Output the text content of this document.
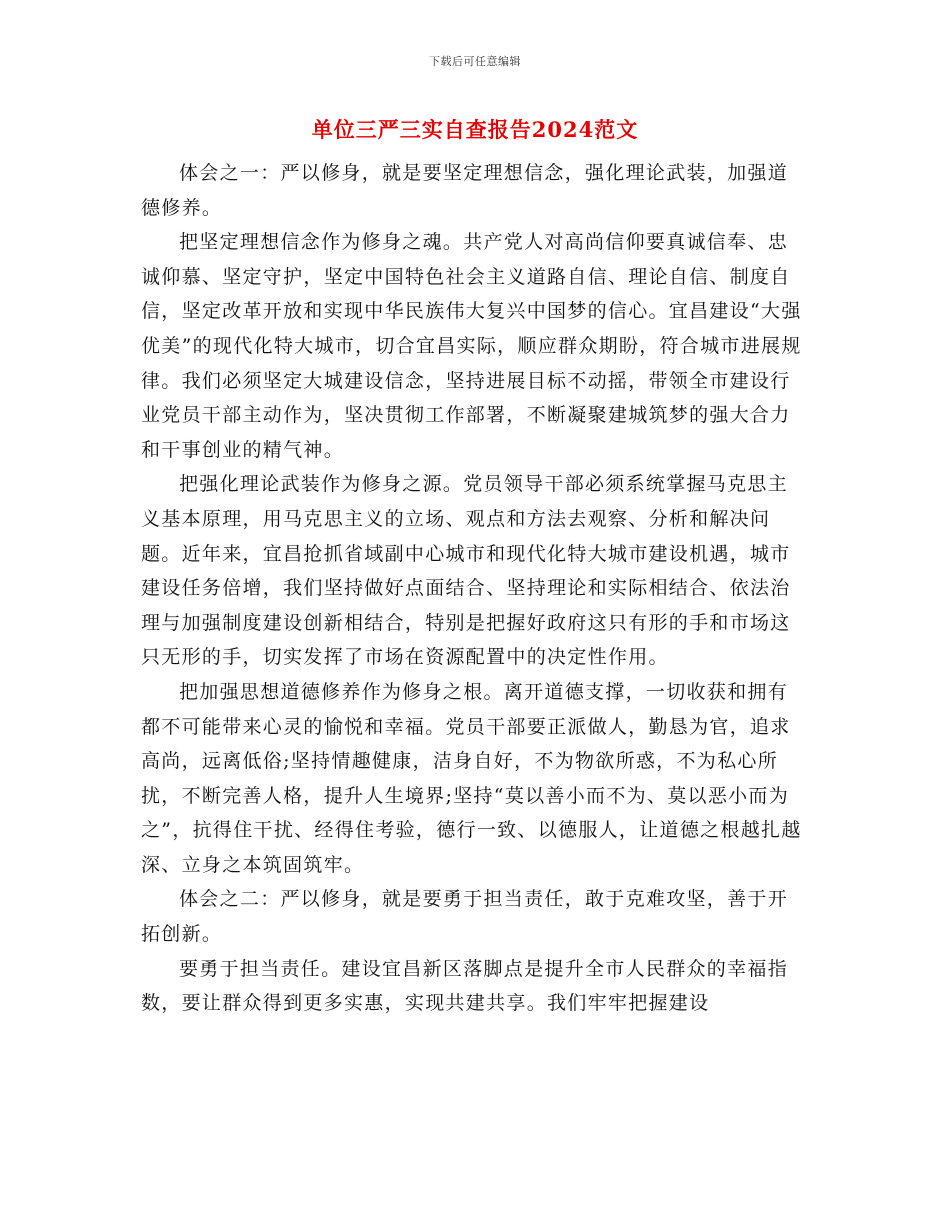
下载后可任意编辑
单位三严三实自查报告2024范文

体会之一：严以修身，就是要坚定理想信念，强化理论武装，加强道德修养。

把坚定理想信念作为修身之魂。共产党人对高尚信仰要真诚信奉、忠诚仰慕、坚定守护，坚定中国特色社会主义道路自信、理论自信、制度自信，坚定改革开放和实现中华民族伟大复兴中国梦的信心。宜昌建设“大强优美”的现代化特大城市，切合宜昌实际，顺应群众期盼，符合城市进展规律。我们必须坚定大城建设信念，坚持进展目标不动摇，带领全市建设行业党员干部主动作为，坚决贯彻工作部署，不断凝聚建城筑梦的强大合力和干事创业的精气神。

把强化理论武装作为修身之源。党员领导干部必须系统掌握马克思主义基本原理，用马克思主义的立场、观点和方法去观察、分析和解决问题。近年来，宜昌抢抓省域副中心城市和现代化特大城市建设机遇，城市建设任务倍增，我们坚持做好点面结合、坚持理论和实际相结合、依法治理与加强制度建设创新相结合，特别是把握好政府这只有形的手和市场这只无形的手，切实发挥了市场在资源配置中的决定性作用。

把加强思想道德修养作为修身之根。离开道德支撑，一切收获和拥有都不可能带来心灵的愉悦和幸福。党员干部要正派做人，勤恳为官，追求高尚，远离低俗;坚持情趣健康，洁身自好，不为物欲所惑，不为私心所扰，不断完善人格，提升人生境界;坚持“莫以善小而不为、莫以恶小而为之”，抗得住干扰、经得住考验，德行一致、以德服人，让道德之根越扎越深、立身之本筑固筑牢。

体会之二：严以修身，就是要勇于担当责任，敢于克难攻坚，善于开拓创新。

要勇于担当责任。建设宜昌新区落脚点是提升全市人民群众的幸福指数，要让群众得到更多实惠，实现共建共享。我们牢牢把握建设
